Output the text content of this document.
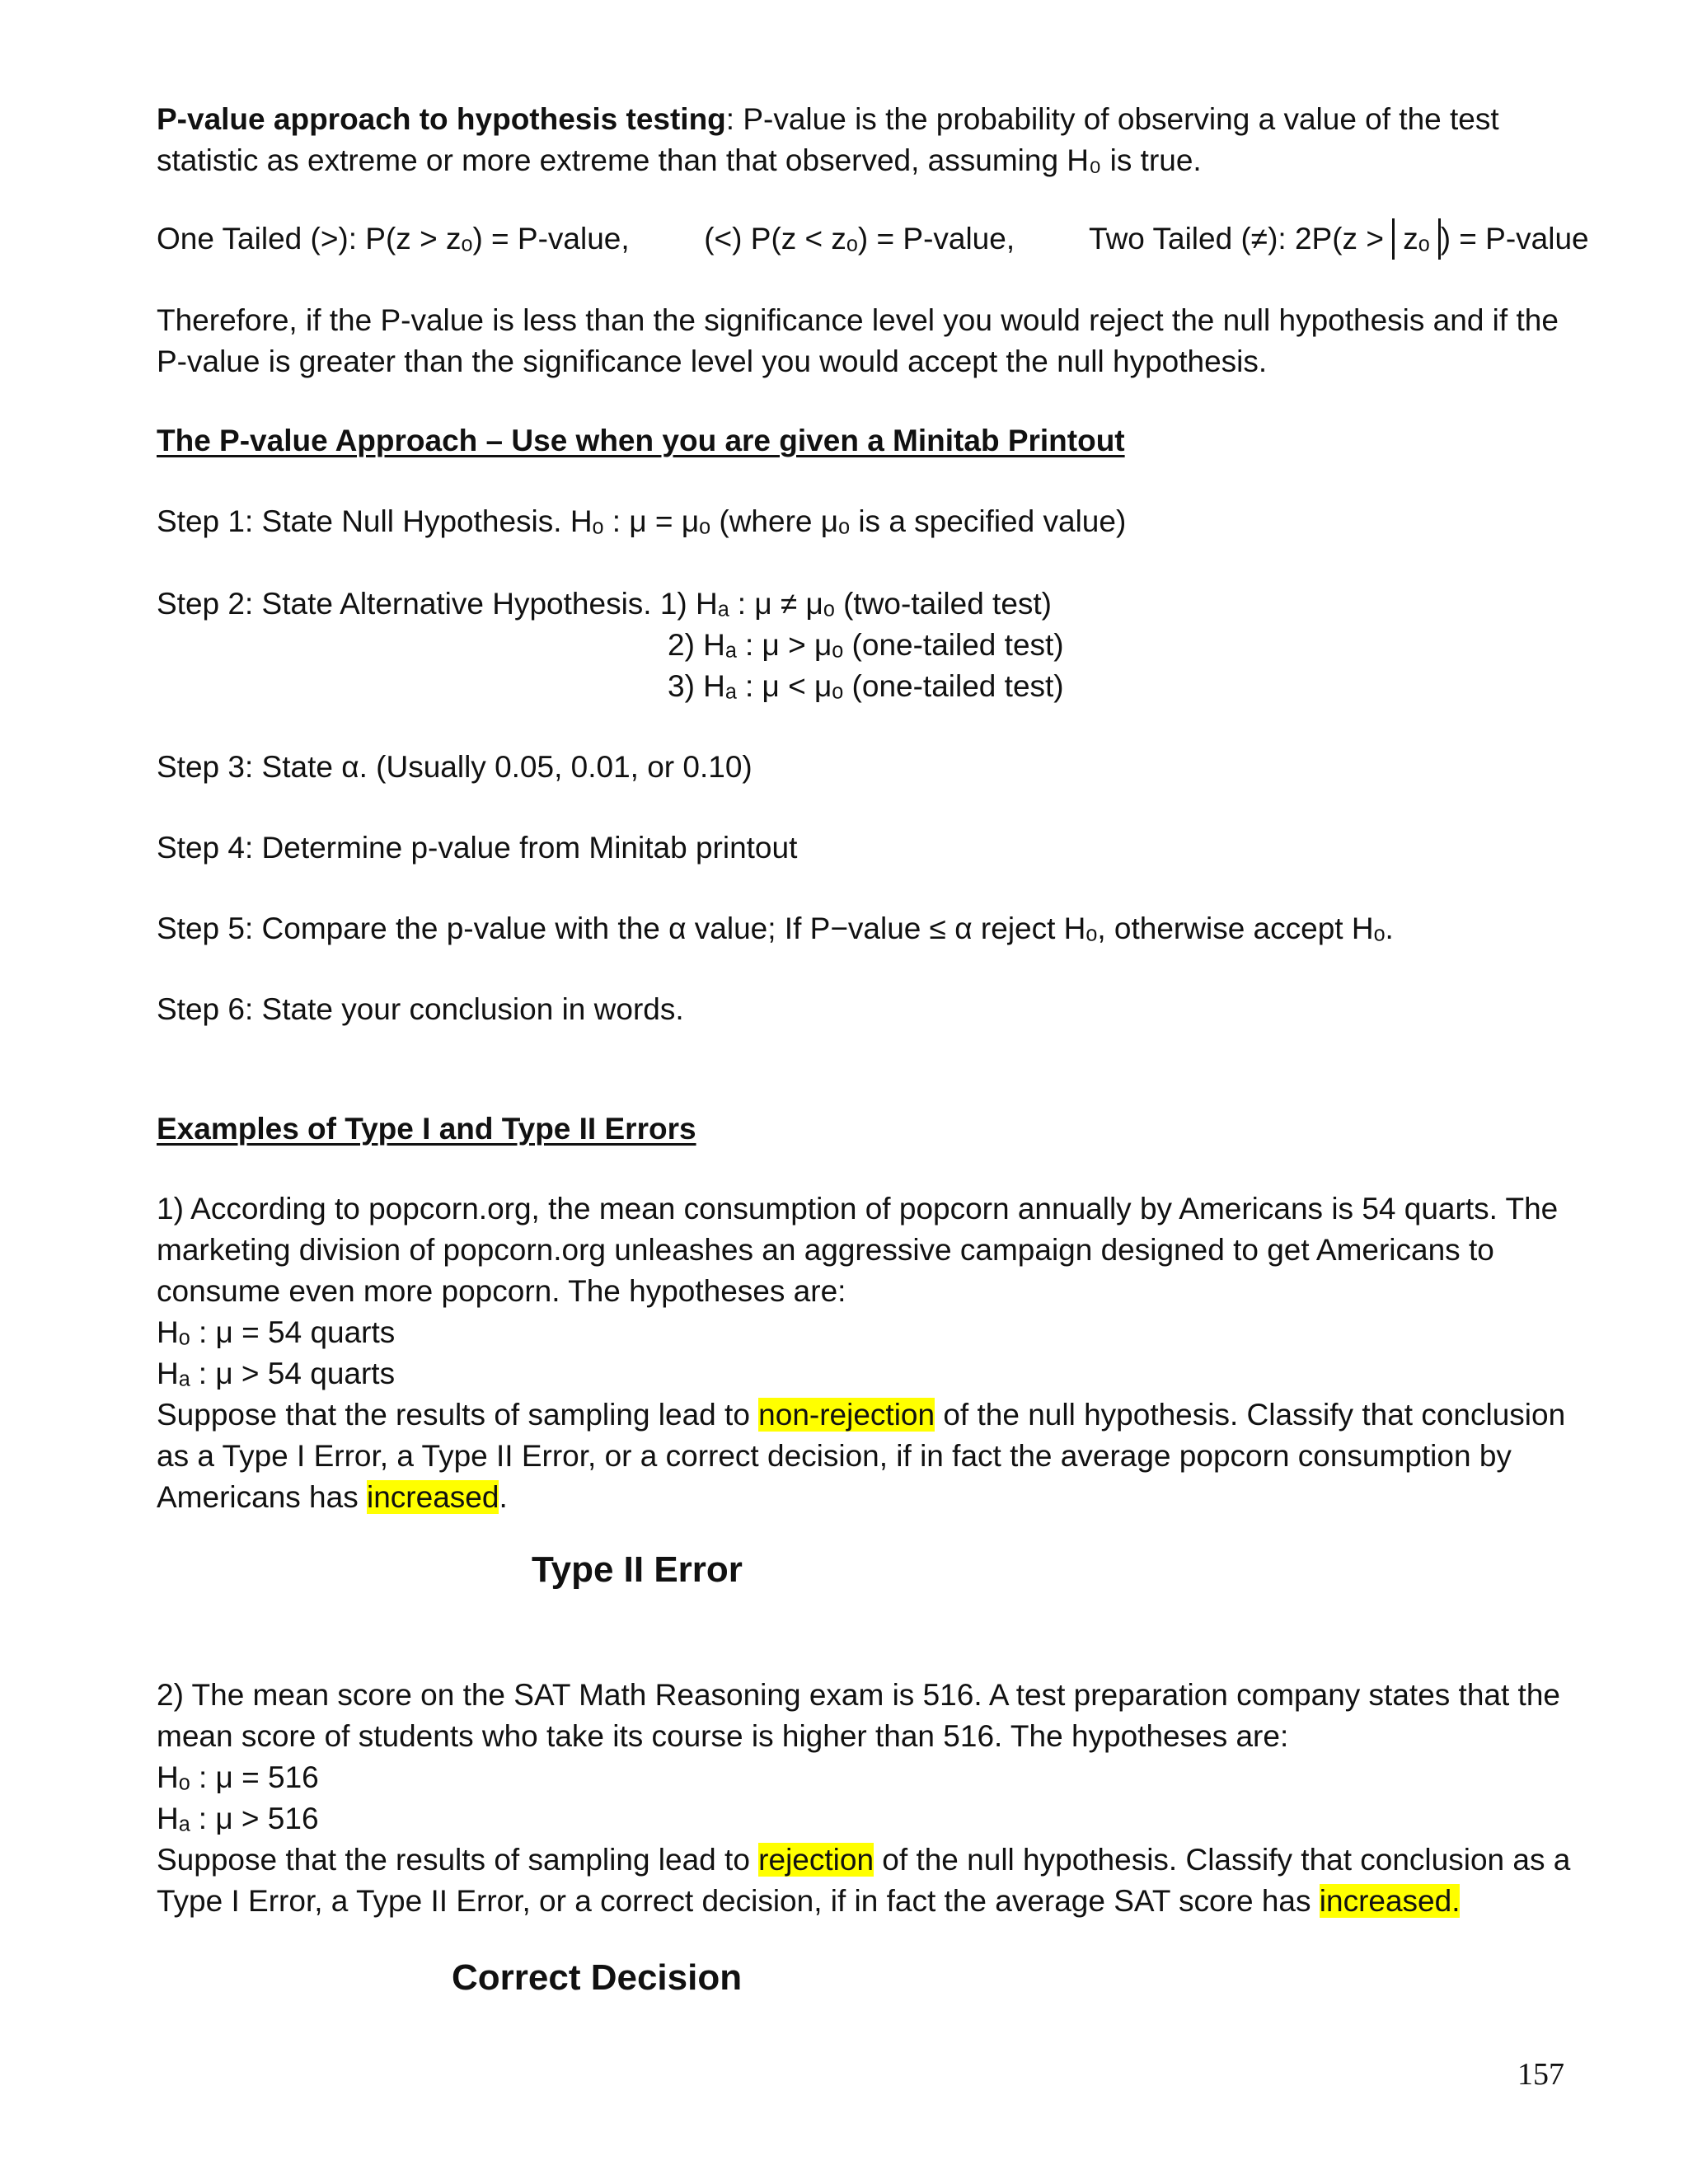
P-value approach to hypothesis testing: P-value is the probability of observing a value of the test statistic as extreme or more extreme than that observed, assuming H₀ is true.
One Tailed (>): P(z > zₒ) = P-value, (<) P(z < zₒ) = P-value, Two Tailed (≠): 2P(z > zₒ ) = P-value
Therefore, if the P-value is less than the significance level you would reject the null hypothesis and if the P-value is greater than the significance level you would accept the null hypothesis.
The P-value Approach – Use when you are given a Minitab Printout
Step 1: State Null Hypothesis. Hₒ : μ = μₒ (where μₒ is a specified value)
Step 2: State Alternative Hypothesis. 1) Hₐ : μ ≠ μₒ (two-tailed test)
2) Hₐ : μ > μₒ (one-tailed test)
3) Hₐ : μ < μₒ (one-tailed test)
Step 3: State α. (Usually 0.05, 0.01, or 0.10)
Step 4: Determine p-value from Minitab printout
Step 5: Compare the p-value with the α value; If P−value ≤ α reject Hₒ, otherwise accept Hₒ.
Step 6: State your conclusion in words.
Examples of Type I and Type II Errors
1) According to popcorn.org, the mean consumption of popcorn annually by Americans is 54 quarts. The marketing division of popcorn.org unleashes an aggressive campaign designed to get Americans to consume even more popcorn. The hypotheses are:
Hₒ : μ = 54 quarts
Hₐ : μ > 54 quarts
Suppose that the results of sampling lead to non-rejection of the null hypothesis. Classify that conclusion as a Type I Error, a Type II Error, or a correct decision, if in fact the average popcorn consumption by Americans has increased.
Type II Error
2) The mean score on the SAT Math Reasoning exam is 516. A test preparation company states that the mean score of students who take its course is higher than 516. The hypotheses are:
Hₒ : μ = 516
Hₐ : μ > 516
Suppose that the results of sampling lead to rejection of the null hypothesis. Classify that conclusion as a Type I Error, a Type II Error, or a correct decision, if in fact the average SAT score has increased.
Correct Decision
157
